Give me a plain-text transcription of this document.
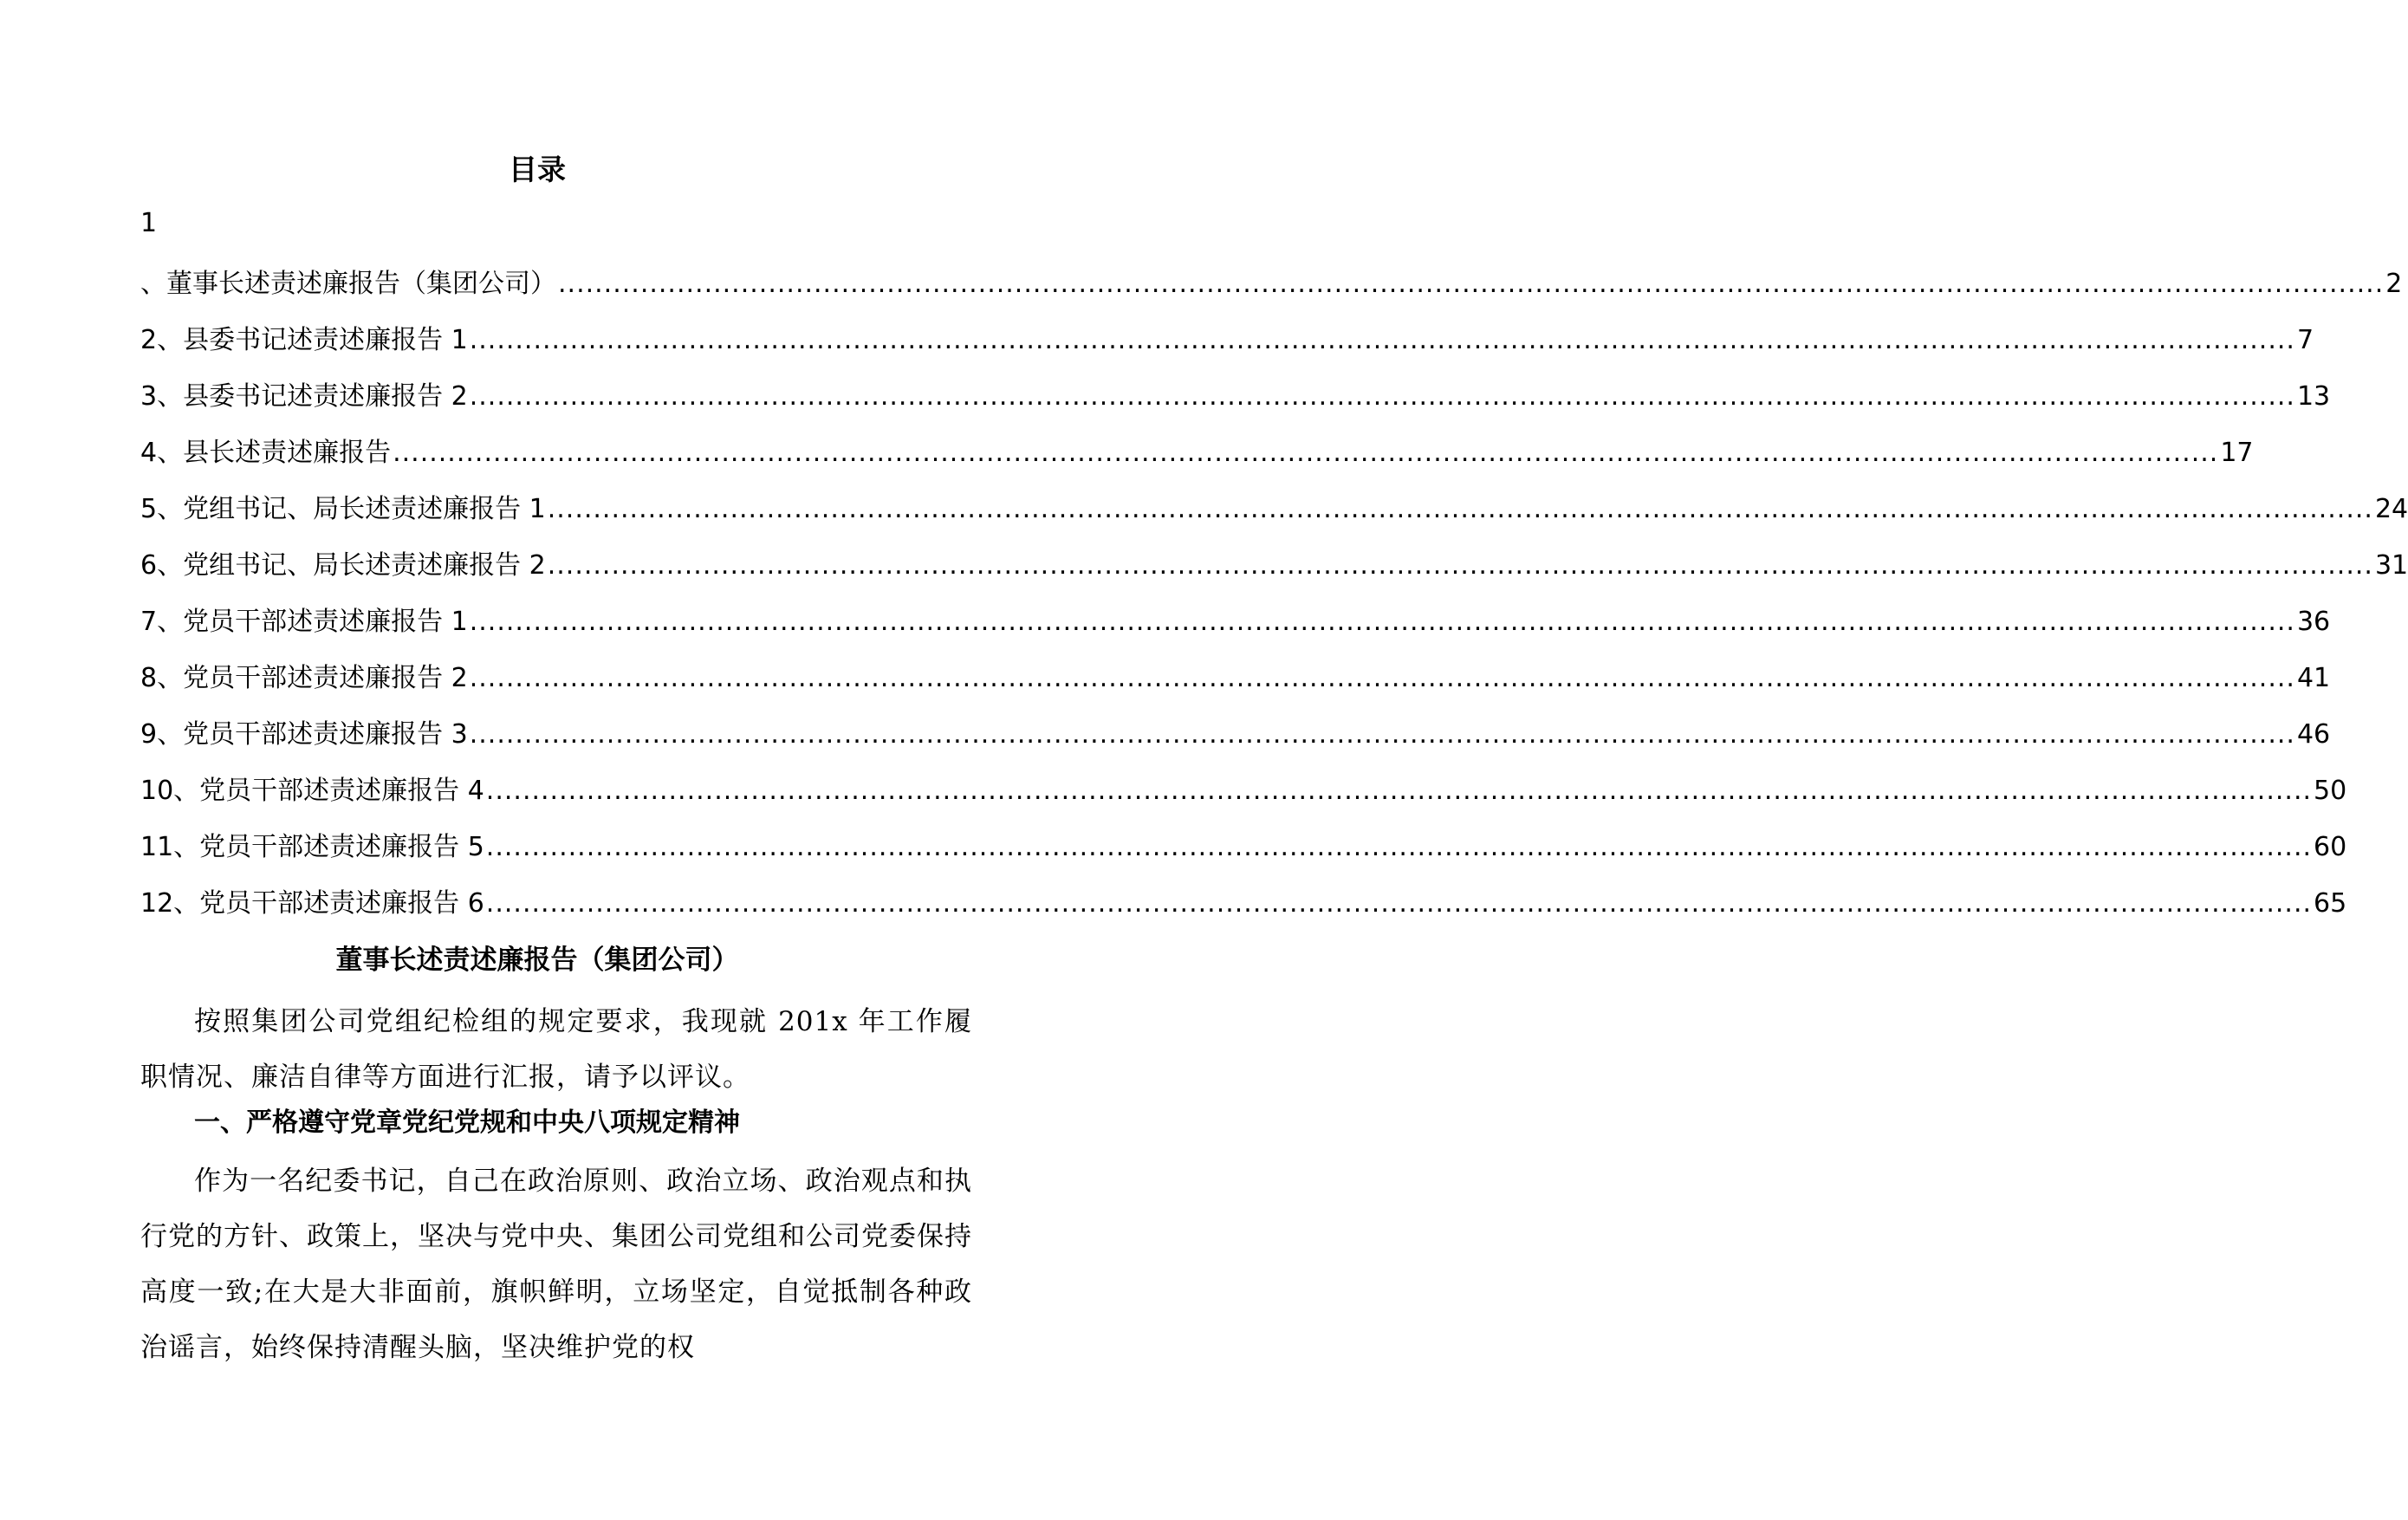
目录
1
、董事长述责述廉报告（集团公司） ........................................................................................................................................................................................................ 2
2、县委书记述责述廉报告 1 ........................................................................................................................................................................................................ 7
3、县委书记述责述廉报告 2 ........................................................................................................................................................................................................ 13
4、县长述责述廉报告 ........................................................................................................................................................................................................ 17
5、党组书记、局长述责述廉报告 1 ........................................................................................................................................................................................................ 24
6、党组书记、局长述责述廉报告 2 ........................................................................................................................................................................................................ 31
7、党员干部述责述廉报告 1 ........................................................................................................................................................................................................ 36
8、党员干部述责述廉报告 2 ........................................................................................................................................................................................................ 41
9、党员干部述责述廉报告 3 ........................................................................................................................................................................................................ 46
10、党员干部述责述廉报告 4 ........................................................................................................................................................................................................ 50
11、党员干部述责述廉报告 5 ........................................................................................................................................................................................................ 60
12、党员干部述责述廉报告 6 ........................................................................................................................................................................................................ 65
董事长述责述廉报告（集团公司）
按照集团公司党组纪检组的规定要求，我现就 201x 年工作履职情况、廉洁自律等方面进行汇报，请予以评议。
一、严格遵守党章党纪党规和中央八项规定精神
作为一名纪委书记，自己在政治原则、政治立场、政治观点和执行党的方针、政策上，坚决与党中央、集团公司党组和公司党委保持高度一致;在大是大非面前，旗帜鲜明，立场坚定，自觉抵制各种政治谣言，始终保持清醒头脑，坚决维护党的权
